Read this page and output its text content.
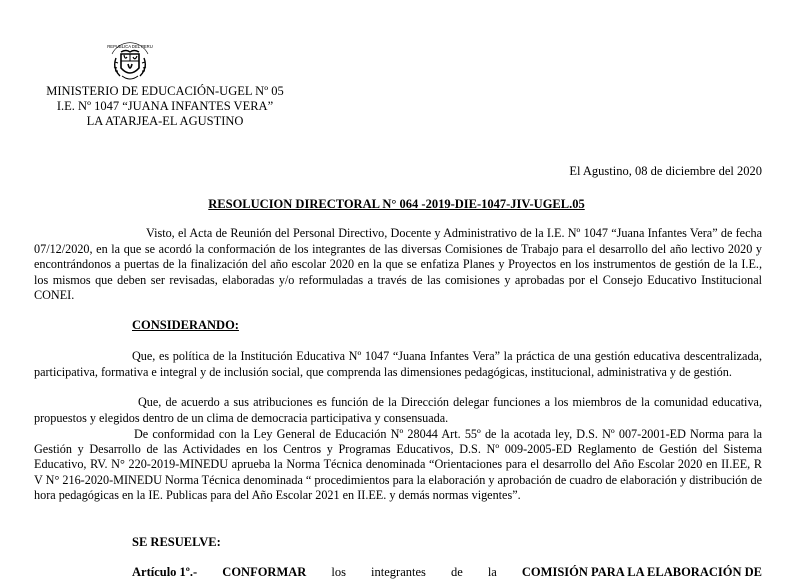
REPUBLICA DEL PERU
MINISTERIO DE EDUCACIÓN-UGEL Nº 05
I.E. Nº 1047 “JUANA INFANTES VERA”
LA ATARJEA-EL AGUSTINO
El Agustino, 08 de diciembre del 2020
RESOLUCION DIRECTORAL N° 064 -2019-DIE-1047-JIV-UGEL.05
Visto, el Acta de Reunión del Personal Directivo, Docente y Administrativo de la I.E. Nº 1047 “Juana Infantes Vera” de fecha 07/12/2020, en la que se acordó la conformación de los integrantes de las diversas Comisiones de Trabajo para el desarrollo del año lectivo 2020 y encontrándonos a puertas de la finalización del año escolar 2020 en la que se enfatiza Planes y Proyectos en los instrumentos de gestión de la I.E., los mismos que deben ser revisadas, elaboradas y/o reformuladas a través de las comisiones y aprobadas por el Consejo Educativo Institucional CONEI.
CONSIDERANDO:
Que, es política de la Institución Educativa Nº 1047 “Juana Infantes Vera” la práctica de una gestión educativa descentralizada, participativa, formativa e integral y de inclusión social, que comprenda las dimensiones pedagógicas, institucional, administrativa y de gestión.
Que, de acuerdo a sus atribuciones es función de la Dirección delegar funciones a los miembros de la comunidad educativa, propuestos y elegidos dentro de un clima de democracia participativa y consensuada.
De conformidad con la Ley General de Educación Nº 28044 Art. 55º de la acotada ley, D.S. Nº 007-2001-ED Norma para la Gestión y Desarrollo de las Actividades en los Centros y Programas Educativos, D.S. Nº 009-2005-ED Reglamento de Gestión del Sistema Educativo, RV. N° 220-2019-MINEDU aprueba la Norma Técnica denominada “Orientaciones para el desarrollo del Año Escolar 2020 en II.EE, R V N° 216-2020-MINEDU Norma Técnica denominada “ procedimientos para la elaboración y aprobación de cuadro de elaboración y distribución de hora pedagógicas en la IE. Publicas para del Año Escolar 2021 en II.EE. y demás normas vigentes”.
SE RESUELVE:
Artículo 1º.- CONFORMAR los integrantes de la COMISIÓN PARA LA ELABORACIÓN DE
